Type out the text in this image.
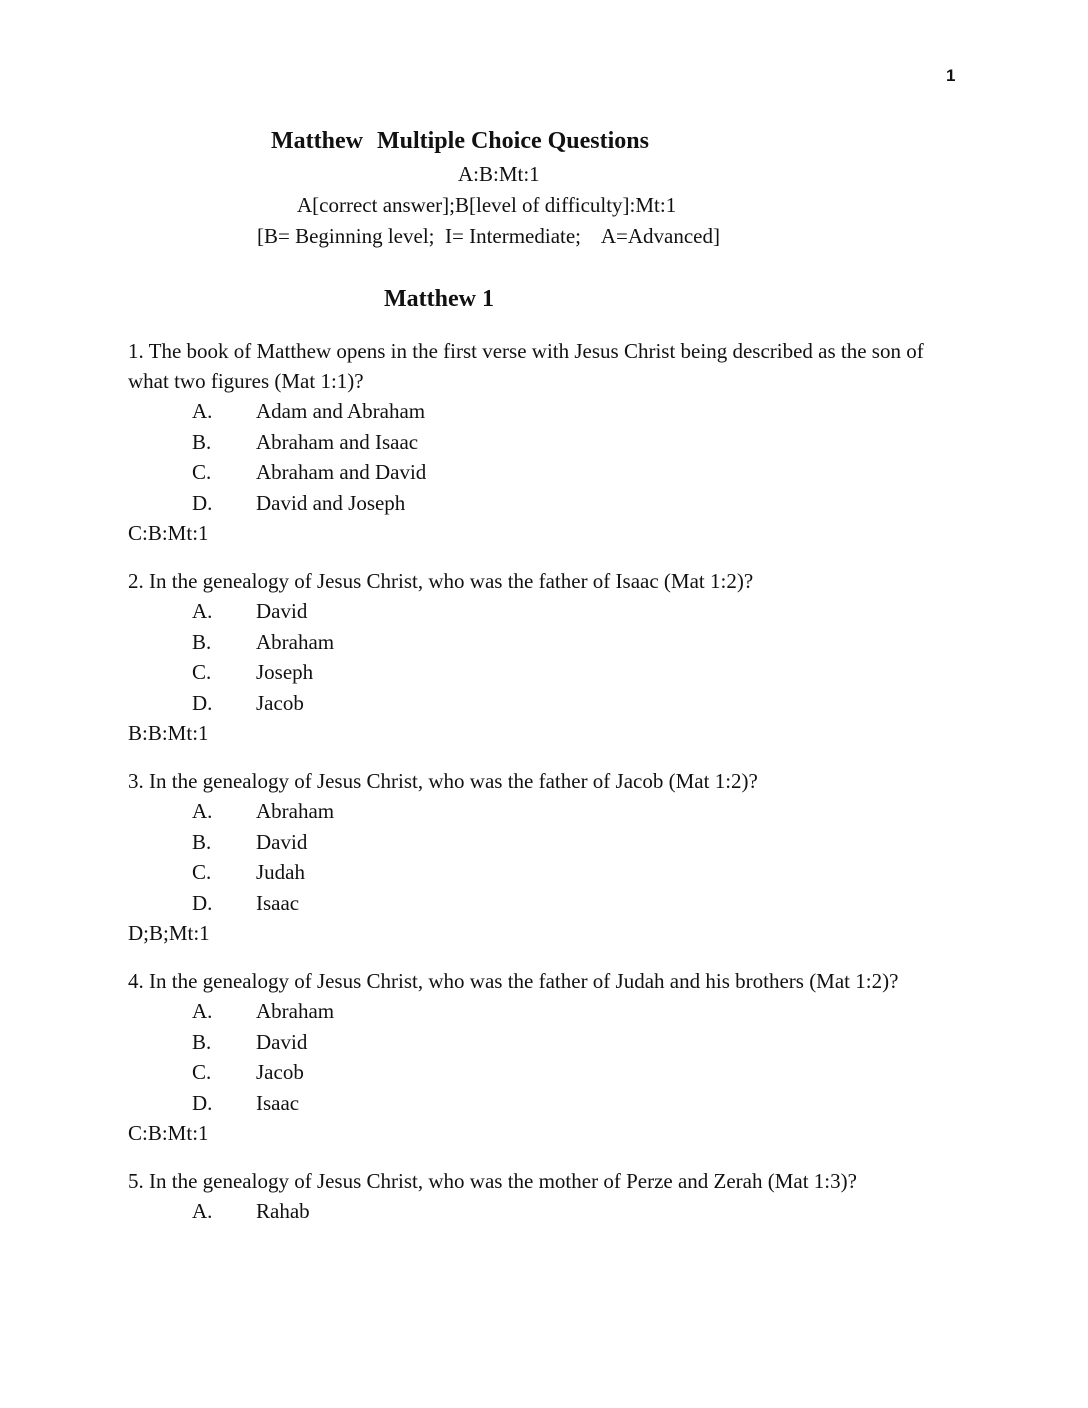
1
Matthew Multiple Choice Questions
A:B:Mt:1
A[correct answer];B[level of difficulty]:Mt:1
[B= Beginning level;  I= Intermediate;    A=Advanced]
Matthew 1
1. The book of Matthew opens in the first verse with Jesus Christ being described as the son of what two figures (Mat 1:1)?
A.	Adam and Abraham
B.	Abraham and Isaac
C.	Abraham and David
D.	David and Joseph
C:B:Mt:1
2. In the genealogy of Jesus Christ, who was the father of Isaac (Mat 1:2)?
A.	David
B.	Abraham
C.	Joseph
D.	Jacob
B:B:Mt:1
3. In the genealogy of Jesus Christ, who was the father of Jacob (Mat 1:2)?
A.	Abraham
B.	David
C.	Judah
D.	Isaac
D;B;Mt:1
4. In the genealogy of Jesus Christ, who was the father of Judah and his brothers (Mat 1:2)?
A.	Abraham
B.	David
C.	Jacob
D.	Isaac
C:B:Mt:1
5. In the genealogy of Jesus Christ, who was the mother of Perze and Zerah (Mat 1:3)?
A.	Rahab
